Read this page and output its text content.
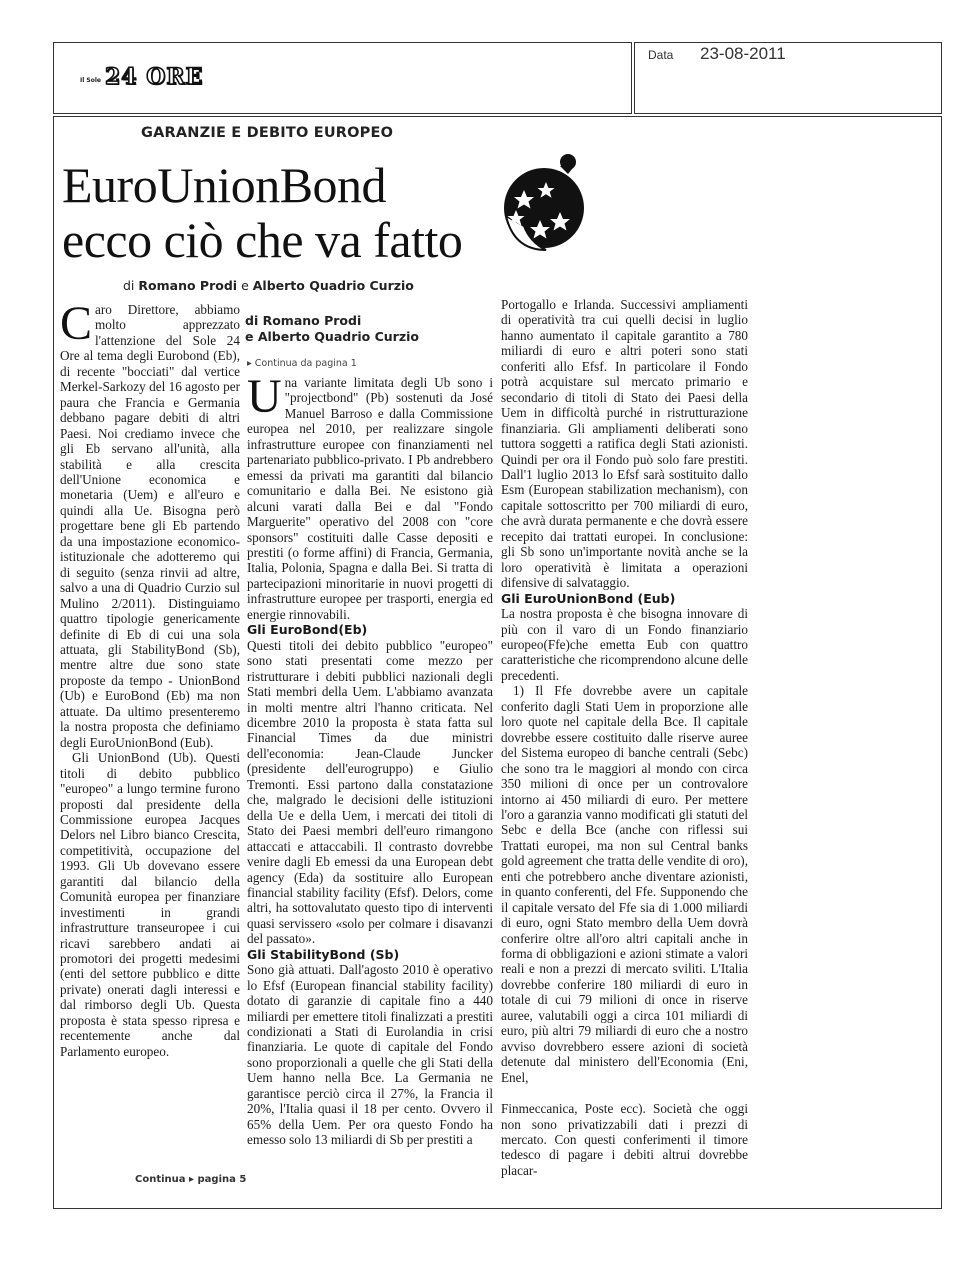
Il Sole 24 ORE
Data 23-08-2011
GARANZIE E DEBITO EUROPEO
EuroUnionBond
ecco ciò che va fatto
di Romano Prodi e Alberto Quadrio Curzio
di Romano Prodi
e Alberto Quadrio Curzio
▸ Continua da pagina 1

Caro Direttore, abbiamo molto apprezzato l'attenzione del Sole 24 Ore al tema degli Eurobond (Eb), di recente "bocciati" dal vertice Merkel-Sarkozy del 16 agosto per paura che Francia e Germania debbano pagare debiti di altri Paesi. Noi crediamo invece che gli Eb servano all'unità, alla stabilità e alla crescita dell'Unione economica e monetaria (Uem) e all'euro e quindi alla Ue. Bisogna però progettare bene gli Eb partendo da una impostazione economico-istituzionale che adotteremo qui di seguito (senza rinvii ad altre, salvo a una di Quadrio Curzio sul Mulino 2/2011). Distinguiamo quattro tipologie genericamente definite di Eb di cui una sola attuata, gli StabilityBond (Sb), mentre altre due sono state proposte da tempo - UnionBond (Ub) e EuroBond (Eb) ma non attuate. Da ultimo presenteremo la nostra proposta che definiamo degli EuroUnionBond (Eub).

Gli UnionBond (Ub). Questi titoli di debito pubblico "europeo" a lungo termine furono proposti dal presidente della Commissione europea Jacques Delors nel Libro bianco Crescita, competitività, occupazione del 1993. Gli Ub dovevano essere garantiti dal bilancio della Comunità europea per finanziare investimenti in grandi infrastrutture transeuropee i cui ricavi sarebbero andati ai promotori dei progetti medesimi (enti del settore pubblico e ditte private) onerati dagli interessi e dal rimborso degli Ub. Questa proposta è stata spesso ripresa e recentemente anche dal Parlamento europeo.

Continua ▸ pagina 5

Una variante limitata degli Ub sono i "projectbond" (Pb) sostenuti da José Manuel Barroso e dalla Commissione europea nel 2010, per realizzare singole infrastrutture europee con finanziamenti nel partenariato pubblico-privato. I Pb andrebbero emessi da privati ma garantiti dal bilancio comunitario e dalla Bei. Ne esistono già alcuni varati dalla Bei e dal "Fondo Marguerite" operativo del 2008 con "core sponsors" costituiti dalle Casse depositi e prestiti (o forme affini) di Francia, Germania, Italia, Polonia, Spagna e dalla Bei. Si tratta di partecipazioni minoritarie in nuovi progetti di infrastrutture europee per trasporti, energia ed energie rinnovabili.

Gli EuroBond(Eb)

Questi titoli dei debito pubblico "europeo" sono stati presentati come mezzo per ristrutturare i debiti pubblici nazionali degli Stati membri della Uem. L'abbiamo avanzata in molti mentre altri l'hanno criticata. Nel dicembre 2010 la proposta è stata fatta sul Financial Times da due ministri dell'economia: Jean-Claude Juncker (presidente dell'eurogruppo) e Giulio Tremonti. Essi partono dalla constatazione che, malgrado le decisioni delle istituzioni della Ue e della Uem, i mercati dei titoli di Stato dei Paesi membri dell'euro rimangono attaccati e attaccabili. Il contrasto dovrebbe venire dagli Eb emessi da una European debt agency (Eda) da sostituire allo European financial stability facility (Efsf). Delors, come altri, ha sottovalutato questo tipo di interventi quasi servissero «solo per colmare i disavanzi del passato».

Gli StabilityBond (Sb)

Sono già attuati. Dall'agosto 2010 è operativo lo Efsf (European financial stability facility) dotato di garanzie di capitale fino a 440 miliardi per emettere titoli finalizzati a prestiti condizionati a Stati di Eurolandia in crisi finanziaria. Le quote di capitale del Fondo sono proporzionali a quelle che gli Stati della Uem hanno nella Bce. La Germania ne garantisce perciò circa il 27%, la Francia il 20%, l'Italia quasi il 18 per cento. Ovvero il 65% della Uem. Per ora questo Fondo ha emesso solo 13 miliardi di Sb per prestiti a

Portogallo e Irlanda. Successivi ampliamenti di operatività tra cui quelli decisi in luglio hanno aumentato il capitale garantito a 780 miliardi di euro e altri poteri sono stati conferiti allo Efsf. In particolare il Fondo potrà acquistare sul mercato primario e secondario di titoli di Stato dei Paesi della Uem in difficoltà purché in ristrutturazione finanziaria. Gli ampliamenti deliberati sono tuttora soggetti a ratifica degli Stati azionisti. Quindi per ora il Fondo può solo fare prestiti. Dall'1 luglio 2013 lo Efsf sarà sostituito dallo Esm (European stabilization mechanism), con capitale sottoscritto per 700 miliardi di euro, che avrà durata permanente e che dovrà essere recepito dai trattati europei. In conclusione: gli Sb sono un'importante novità anche se la loro operatività è limitata a operazioni difensive di salvataggio.

Gli EuroUnionBond (Eub)

La nostra proposta è che bisogna innovare di più con il varo di un Fondo finanziario europeo(Ffe)che emetta Eub con quattro caratteristiche che ricomprendono alcune delle precedenti.

1) Il Ffe dovrebbe avere un capitale conferito dagli Stati Uem in proporzione alle loro quote nel capitale della Bce. Il capitale dovrebbe essere costituito dalle riserve auree del Sistema europeo di banche centrali (Sebc) che sono tra le maggiori al mondo con circa 350 milioni di once per un controvalore intorno ai 450 miliardi di euro. Per mettere l'oro a garanzia vanno modificati gli statuti del Sebc e della Bce (anche con riflessi sui Trattati europei, ma non sul Central banks gold agreement che tratta delle vendite di oro), enti che potrebbero anche diventare azionisti, in quanto conferenti, del Ffe. Supponendo che il capitale versato del Ffe sia di 1.000 miliardi di euro, ogni Stato membro della Uem dovrà conferire oltre all'oro altri capitali anche in forma di obbligazioni e azioni stimate a valori reali e non a prezzi di mercato sviliti. L'Italia dovrebbe conferire 180 miliardi di euro in totale di cui 79 milioni di once in riserve auree, valutabili oggi a circa 101 miliardi di euro, più altri 79 miliardi di euro che a nostro avviso dovrebbero essere azioni di società detenute dal ministero dell'Economia (Eni, Enel,

Finmeccanica, Poste ecc). Società che oggi non sono privatizzabili dati i prezzi di mercato. Con questi conferimenti il timore tedesco di pagare i debiti altrui dovrebbe placar-
